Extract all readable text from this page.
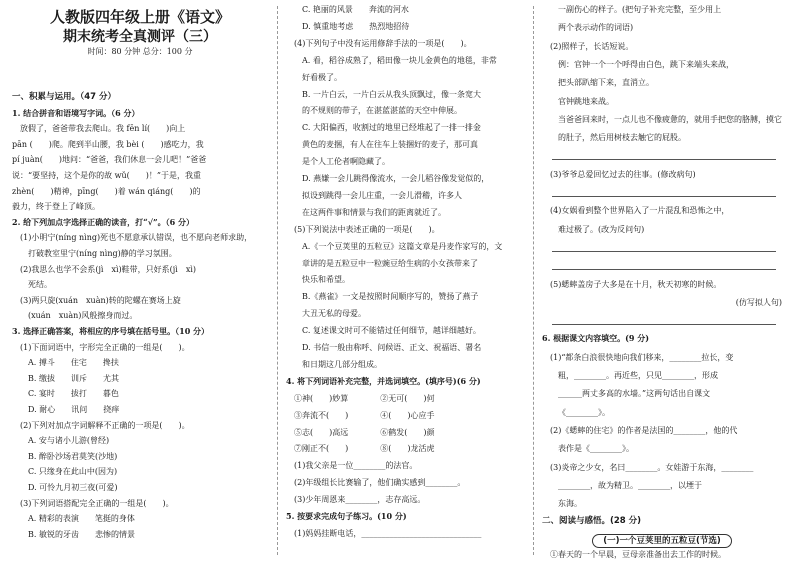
人教版四年级上册《语文》
期末统考全真测评（三）
时间：80 分钟 总分：100 分
一、积累与运用。（47 分）
1. 结合拼音和语境写字词。（6 分）
放假了，爸爸带我去爬山。我 fēn lí(　　)向上
pān (　　)爬。爬到半山腰，我 bèi (　　)感吃力，我
pí juàn(　　)地问：“爸爸，我们休息一会儿吧！”爸爸
说：“要坚持，这个是你的故 wǔ(　　)！”于是，我重
zhèn(　　)精神，pīng(　　)着 wán qiáng(　　)的
毅力，终于登上了峰顶。
2. 给下列加点字选择正确的读音，打“√”。（6 分）
(1)小明宁(níng nìng)死也不愿意承认错误，也不愿向老师求助，
打破教室里宁(níng nìng)静的学习氛围。
(2)我思么也学不会系(jì　xì)鞋带，只好系(jì　xì)
死结。
(3)两只旋(xuán　xuàn)转的陀螺在赛场上旋
(xuán　xuàn)风般擦身而过。
3. 选择正确答案，将相应的序号填在括号里。（10 分）
(1)下面词语中，字形完全正确的一组是(　　)。
A. 搏斗　　住宅　　搀扶
B. 缴拔　　训斥　　尤其
C. 宴时　　拔打　　暮色
D. 耐心　　讯问　　挠痒
(2)下列对加点字词解释不正确的一项是(　　)。
A. 安与诸小儿游(曾经)
B. 醉卧沙场君莫笑(沙地)
C. 只缘身在此山中(因为)
D. 可怜九月初三夜(可爱)
(3)下列词语搭配完全正确的一组是(　　)。
A. 精彩的表演　　笔挺的身体
B. 敏锐的牙齿　　悲惨的情景
C. 艳丽的风景　　奔流的河水
D. 慎重地考虑　　热烈地招待
(4)下列句子中没有运用修辞手法的一项是(　　)。
A. 看，稻谷成熟了，稻田像一块儿金黄色的地毯，非常
好看极了。
B. 一片白云，一片白云从我头顶飘过，像一条宽大
的不规则的带子，在湛蓝湛蓝的天空中伸展。
C. 大阳偏西，收割过的地里已经堆起了一排一排金
黄色的麦捆，有人在往车上装捆好的麦子，那可真
是个人工伦者啊隐藏了。
D. 燕嫌一会儿跳得像流水，一会儿稻谷像发觉似的，
拟设到跳得一会儿庄重，一会儿滑稽，许多人
在这两件事和情景与我们的距离就近了。
(5)下列说法中表述正确的一项是(　　)。
A.《一个豆荚里的五粒豆》这篇文章是丹麦作家写的，文
章讲的是五粒豆中一粒豌豆给生病的小女孩带来了
快乐和希望。
B.《燕雀》一文是按照时间顺序写的，赞扬了燕子
大丑无私的母爱。
C. 复述课文时可不能错过任何细节，越详细越好。
D. 书信一般由称呼、问候语、正文、祝福语、署名
和日期这几部分组成。
4. 将下列词语补充完整，并选词填空。(填序号)(6 分)
①神(　　)妙算　　　　②无可(　　)何
③奔流不(　　)　　　　④(　　)心应手
⑤志(　　)高远　　　　⑥鹤发(　　)颜
⑦刚正不(　　)　　　　⑧(　　)龙活虎
(1)我父亲是一位________的法官。
(2)年级组长比赛输了，他们确实感到________。
(3)少年周恩来________，志存高远。
5. 按要求完成句子练习。(10 分)
(1)妈妈挂断电话，______________________________
一副伤心的样子。(把句子补充完整，至少用上
两个表示动作的词语)
(2)照样子，长话短说。
例：官钟一个一个呼得由白色，跳下来端头来战，
把头部趴缩下来，直消立。
官钟跳地来战。
当爸爸回来时，一点儿也不像疲惫的，就用手把您的胳膊，摸它
的肚子，然后用树枝去触它的屁股。
(3)爷爷总爱回忆过去的往事。(修改病句)
(4)女娲看到整个世界陷入了一片混乱和恐怖之中，
难过极了。(改为反问句)
(5)蟋蟀盖房子大多是在十月，秋天初寒的时候。
(仿写拟人句)
6. 根据课文内容填空。(9 分)
(1)“都条白浪很快地向我们移来，________拉长，变
粗，________。再近些，只见________，形成
______两丈多高的水墙。”这两句话出自课文
《________》。
(2)《蟋蟀的住宅》的作者是法国的________，他的代
表作是《________》。
(3)炎帝之少女，名曰________。女娃游于东海，________
________，故为精卫。________，以堙于
东海。
二、阅读与感悟。(28 分)
(一)一个豆荚里的五粒豆(节选)
①春天的一个早晨，豆母亲准备出去工作的时候。
